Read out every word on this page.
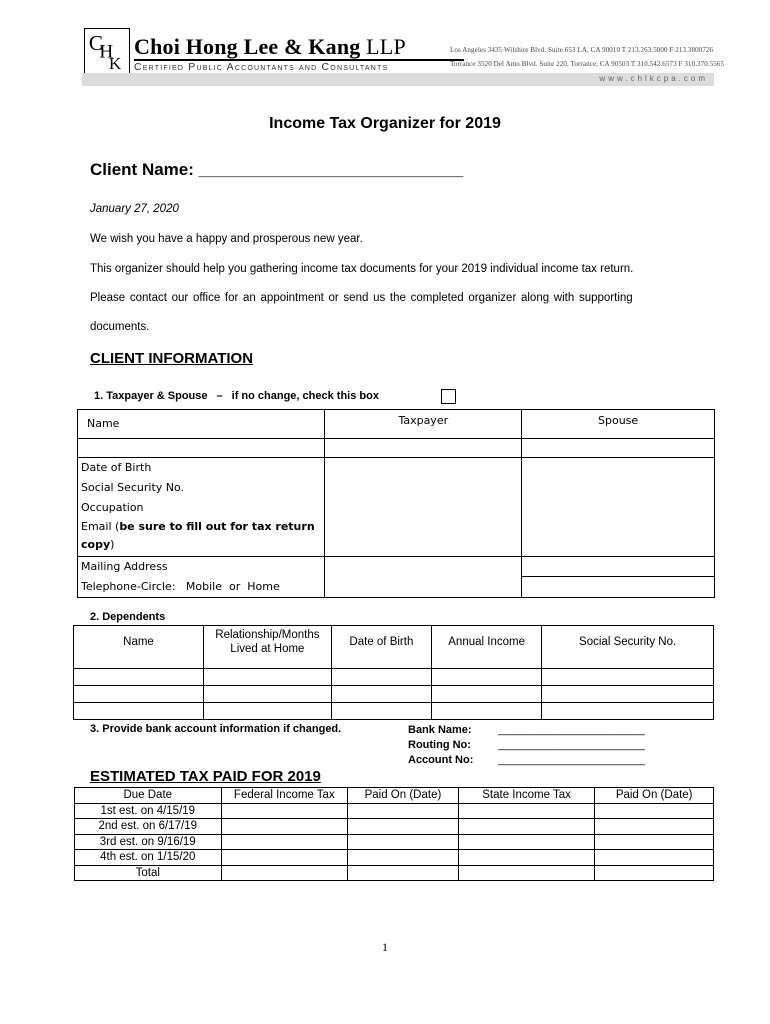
C
H
K
Choi Hong Lee & Kang LLP
Certified Public Accountants and Consultants
Los Angeles 3435 Wilshire Blvd. Suite 653 LA, CA 90010 T 213.263.5000 F 213.3800726
Torrance 3520 Del Amo Blvd. Suite 220, Torrance, CA 90503 T 310.542.6573 F 310.370.5565
www.chlkcpa.com
Income Tax Organizer for 2019
Client Name: ____________________________
January 27, 2020
We wish you have a happy and prosperous new year.
This organizer should help you gathering income tax documents for your 2019 individual income tax return.
Please contact our office for an appointment or send us the completed organizer along with supporting
documents.
CLIENT INFORMATION
1. Taxpayer & Spouse – if no change, check this box
Name	Taxpayer	Spouse

Date of Birth
Social Security No.
Occupation
Email (be sure to fill out for tax return copy)		

Mailing Address
Telephone-Circle:   Mobile  or  Home		

2. Dependents
Name	Relationship/Months Lived at Home	Date of Birth	Annual Income	Social Security No.

3. Provide bank account information if changed.	Bank Name:
Routing No:
Account No:
________________________
________________________
________________________
ESTIMATED TAX PAID FOR 2019
Due Date	Federal Income Tax	Paid On (Date)	State Income Tax	Paid On (Date)
1st est. on 4/15/19				
2nd est. on 6/17/19				
3rd est. on 9/16/19				
4th est. on 1/15/20				
Total				
1
